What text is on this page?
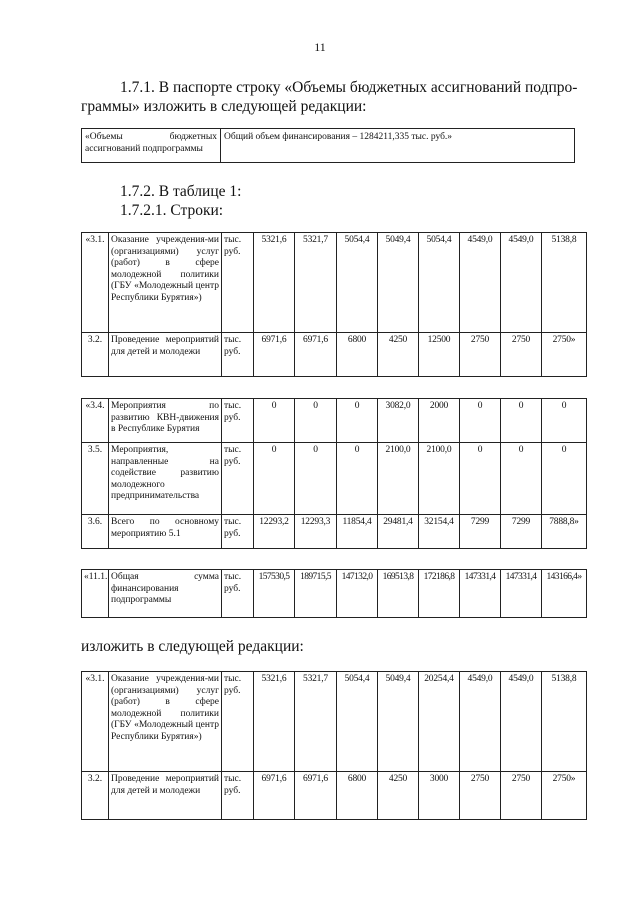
11
1.7.1. В паспорте строку «Объемы бюджетных ассигнований подпро-
граммы» изложить в следующей редакции:
«Объемы бюджетных
ассигнований подпрограммы
	Общий объем финансирования – 1284211,335 тыс. руб.»
1.7.2. В таблице 1:
1.7.2.1. Строки:
«3.1.	Оказание учреждения-ми (организациями) услуг (работ) в сфере молодежной политики (ГБУ «Молодежный центр Республики Бурятия»)	тыс. руб.	5321,6	5321,7	5054,4	5049,4	5054,4	4549,0	4549,0	5138,8
3.2.	Проведение мероприятий для детей и молодежи	тыс. руб.	6971,6	6971,6	6800	4250	12500	2750	2750	2750»
«3.4.	Мероприятия по развитию КВН-движения в Республике Бурятия	тыс. руб.	0	0	0	3082,0	2000	0	0	0
3.5.	Мероприятия, направленные на содействие развитию молодежного предпринимательства	тыс. руб.	0	0	0	2100,0	2100,0	0	0	0
3.6.	Всего по основному мероприятию 5.1	тыс. руб.	12293,2	12293,3	11854,4	29481,4	32154,4	7299	7299	7888,8»
«11.1.	Общая сумма финансирования подпрограммы	тыс. руб.	157530,5	189715,5	147132,0	169513,8	172186,8	147331,4	147331,4	143166,4»
изложить в следующей редакции:
«3.1.	Оказание учреждения-ми (организациями) услуг (работ) в сфере молодежной политики (ГБУ «Молодежный центр Республики Бурятия»)	тыс. руб.	5321,6	5321,7	5054,4	5049,4	20254,4	4549,0	4549,0	5138,8
3.2.	Проведение мероприятий для детей и молодежи	тыс. руб.	6971,6	6971,6	6800	4250	3000	2750	2750	2750»
